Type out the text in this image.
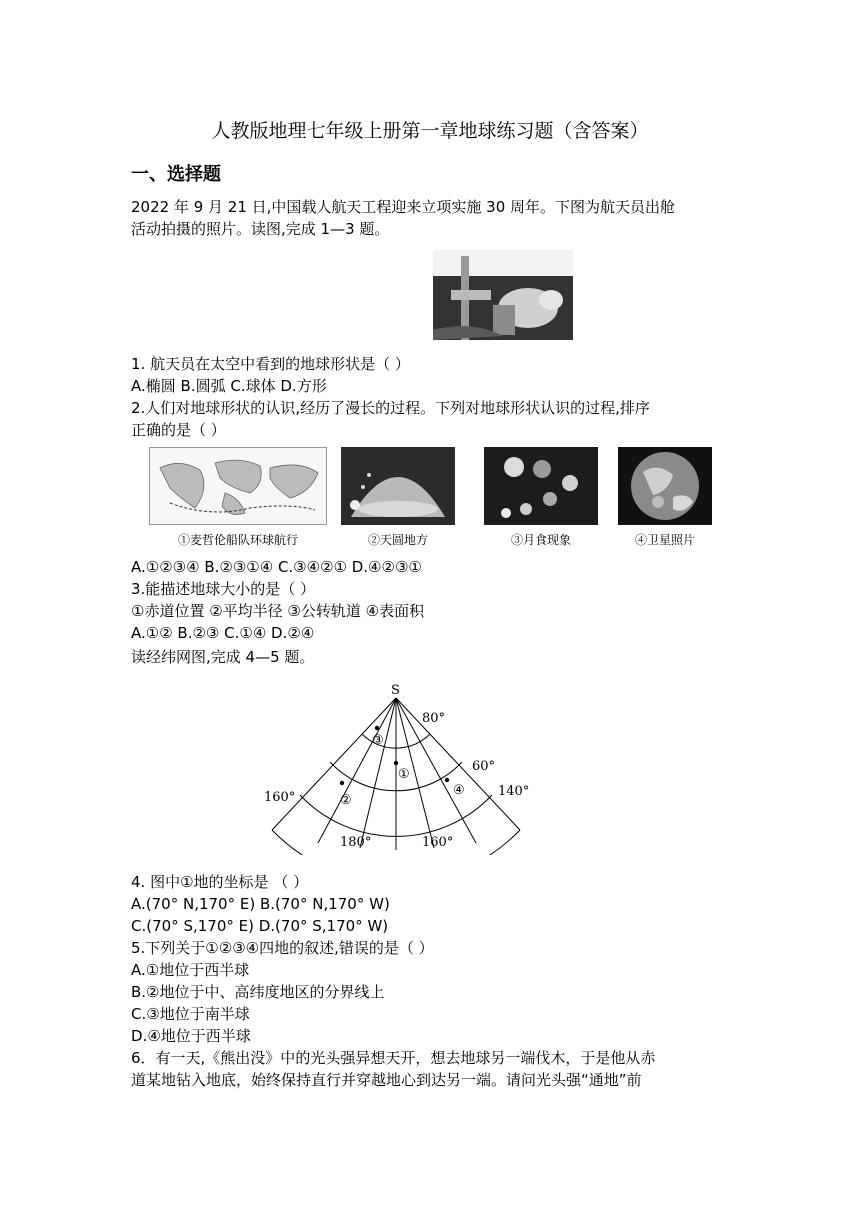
人教版地理七年级上册第一章地球练习题（含答案）
一、选择题
2022 年 9 月 21 日,中国载人航天工程迎来立项实施 30 周年。下图为航天员出舱
活动拍摄的照片。读图,完成 1—3 题。
1. 航天员在太空中看到的地球形状是（ ）
A.椭圆 B.圆弧 C.球体 D.方形
2.人们对地球形状的认识,经历了漫长的过程。下列对地球形状认识的过程,排序
正确的是（ ）
①麦哲伦船队环球航行	②天圆地方	③月食现象	④卫星照片
A.①②③④ B.②③①④ C.③④②① D.④②③①
3.能描述地球大小的是（ ）
①赤道位置 ②平均半径 ③公转轨道 ④表面积
A.①② B.②③ C.①④ D.②④
读经纬网图,完成 4—5 题。
S
80°
60°
160°	140°
180°	160°
③
①
②
④
4. 图中①地的坐标是 （ ）
A.(70° N,170° E) B.(70° N,170° W)
C.(70° S,170° E) D.(70° S,170° W)
5.下列关于①②③④四地的叙述,错误的是（ ）
A.①地位于西半球
B.②地位于中、高纬度地区的分界线上
C.③地位于南半球
D.④地位于西半球
6．有一天,《熊出没》中的光头强异想天开，想去地球另一端伐木，于是他从赤
道某地钻入地底，始终保持直行并穿越地心到达另一端。请问光头强“通地”前
